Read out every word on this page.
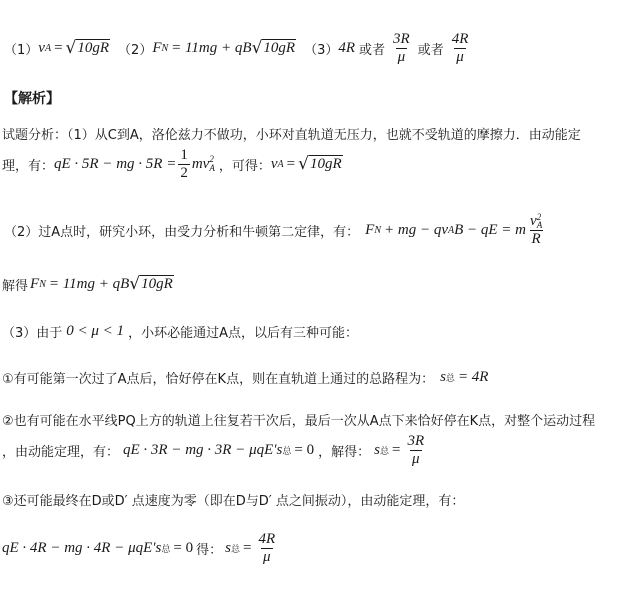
（1） v A = √ 10gR （2） F N = 11mg + qB √ 10gR （3） 4R 或者 $\frac{3R}{\mu}$ 或者 $\frac{4R}{\mu}$
【解析】
试题分析：（1）从C到A，洛伦兹力不做功，小环对直轨道无压力，也就不受轨道的摩擦力．由动能定
理，有： qE · 5R − mg · $5R = \frac{1}{2}$ mv 2
A ，可得： v A = √ 10gR
（2）过A点时，研究小环，由受力分析和牛顿第二定律，有： F N + mg − qv A B − qE = m v 2
A
R
解得 F N = 11mg + qB √ 10gR
（3）由于 0 < μ < 1 ，小环必能通过A点，以后有三种可能：
①有可能第一次过了A点后，恰好停在K点，则在直轨道上通过的总路程为： s 总 = 4R
②也有可能在水平线PQ上方的轨道上往复若干次后，最后一次从A点下来恰好停在K点，对整个运动过程
，由动能定理，有： qE · 3R − mg · 3R − μqE′s 总 = 0 ，解得： s 总 = $\frac{3R}{\mu}$
③还可能最终在D或D′ 点速度为零（即在D与D′ 点之间振动），由动能定理，有：
qE · 4R − mg · 4R − μqE′s 总 = 0 得： s 总 = $\frac{4R}{\mu}$
